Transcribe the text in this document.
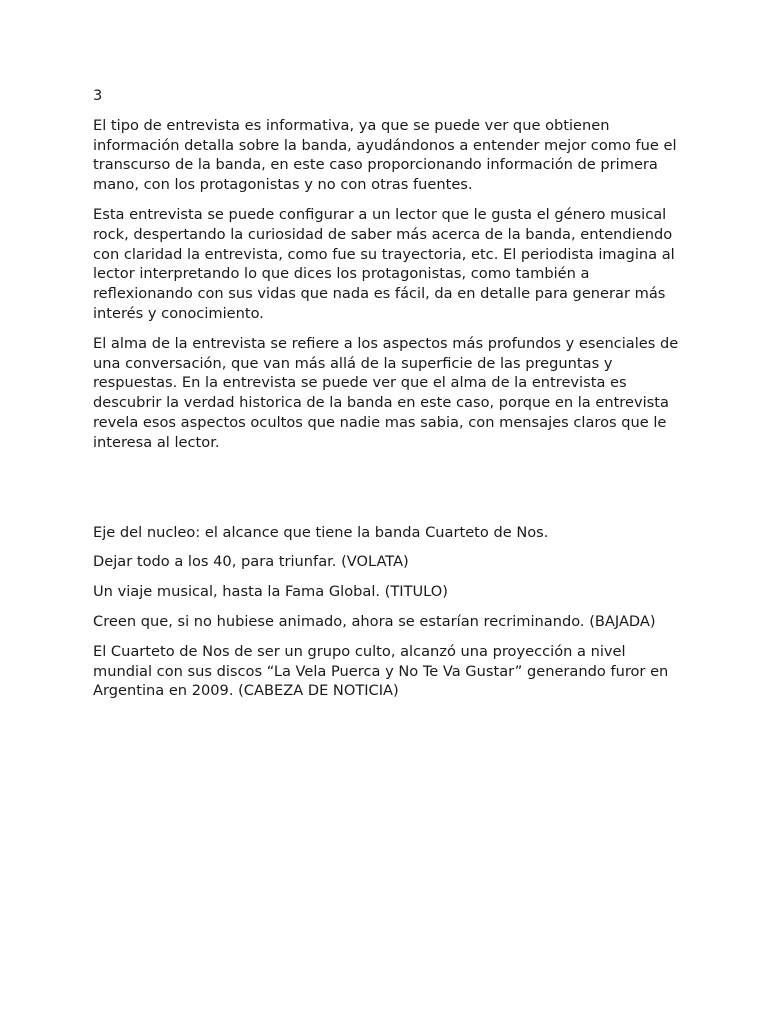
3

El tipo de entrevista es informativa, ya que se puede ver que obtienen información detalla sobre la banda, ayudándonos a entender mejor como fue el transcurso de la banda, en este caso proporcionando información de primera mano, con los protagonistas y no con otras fuentes.

Esta entrevista se puede configurar a un lector que le gusta el género musical rock, despertando la curiosidad de saber más acerca de la banda, entendiendo con claridad la entrevista, como fue su trayectoria, etc. El periodista imagina al lector interpretando lo que dices los protagonistas, como también a reflexionando con sus vidas que nada es fácil, da en detalle para generar más interés y conocimiento.

El alma de la entrevista se refiere a los aspectos más profundos y esenciales de una conversación, que van más allá de la superficie de las preguntas y respuestas. En la entrevista se puede ver que el alma de la entrevista es descubrir la verdad historica de la banda en este caso, porque en la entrevista revela esos aspectos ocultos que nadie mas sabia, con mensajes claros que le interesa al lector.

Eje del nucleo: el alcance que tiene la banda Cuarteto de Nos.

Dejar todo a los 40, para triunfar. (VOLATA)

Un viaje musical, hasta la Fama Global. (TITULO)

Creen que, si no hubiese animado, ahora se estarían recriminando. (BAJADA)

El Cuarteto de Nos de ser un grupo culto, alcanzó una proyección a nivel mundial con sus discos “La Vela Puerca y No Te Va Gustar” generando furor en Argentina en 2009. (CABEZA DE NOTICIA)
